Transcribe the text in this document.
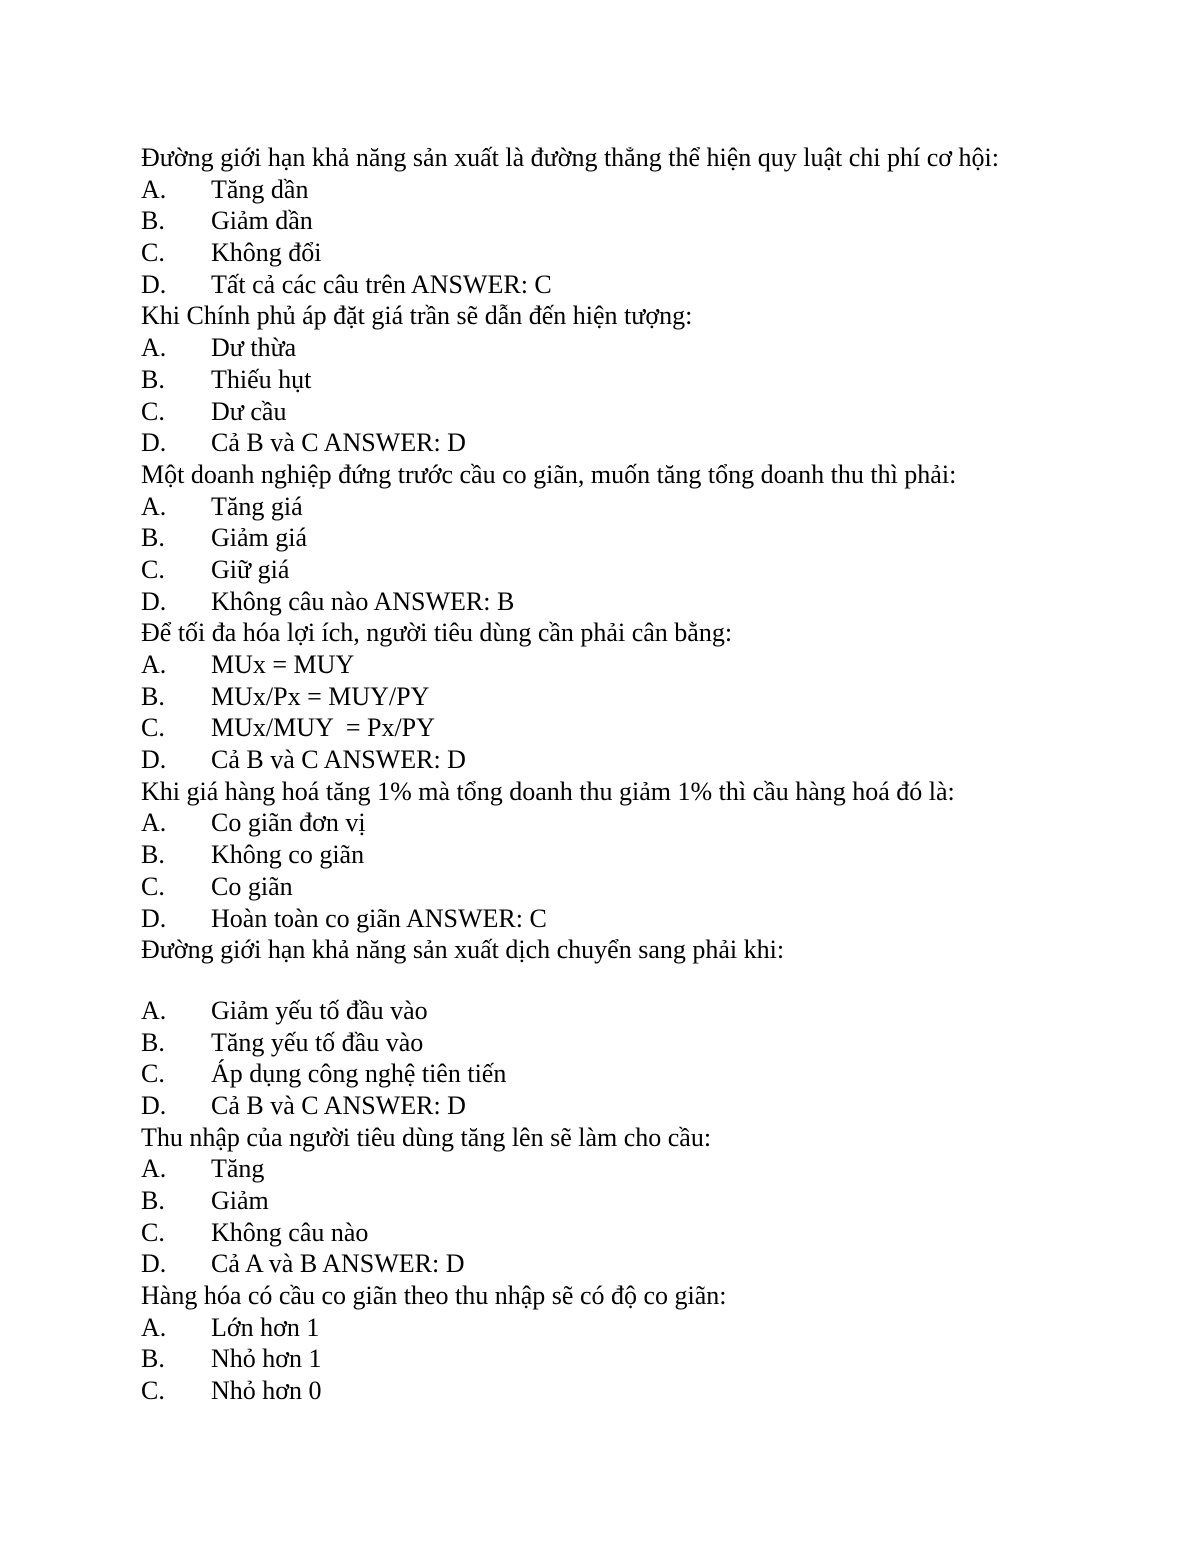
Đường giới hạn khả năng sản xuất là đường thẳng thể hiện quy luật chi phí cơ hội:
A.	Tăng dần
B.	Giảm dần
C.	Không đổi
D.	Tất cả các câu trên ANSWER: C
Khi Chính phủ áp đặt giá trần sẽ dẫn đến hiện tượng:
A.	Dư thừa
B.	Thiếu hụt
C.	Dư cầu
D.	Cả B và C ANSWER: D
Một doanh nghiệp đứng trước cầu co giãn, muốn tăng tổng doanh thu thì phải:
A.	Tăng giá
B.	Giảm giá
C.	Giữ giá
D.	Không câu nào ANSWER: B
Để tối đa hóa lợi ích, người tiêu dùng cần phải cân bằng:
A.	MUx = MUY
B.	MUx/Px = MUY/PY
C.	MUx/MUY  = Px/PY
D.	Cả B và C ANSWER: D
Khi giá hàng hoá tăng 1% mà tổng doanh thu giảm 1% thì cầu hàng hoá đó là:
A.	Co giãn đơn vị
B.	Không co giãn
C.	Co giãn
D.	Hoàn toàn co giãn ANSWER: C
Đường giới hạn khả năng sản xuất dịch chuyển sang phải khi:
A.	Giảm yếu tố đầu vào
B.	Tăng yếu tố đầu vào
C.	Áp dụng công nghệ tiên tiến
D.	Cả B và C ANSWER: D
Thu nhập của người tiêu dùng tăng lên sẽ làm cho cầu:
A.	Tăng
B.	Giảm
C.	Không câu nào
D.	Cả A và B ANSWER: D
Hàng hóa có cầu co giãn theo thu nhập sẽ có độ co giãn:
A.	Lớn hơn 1
B.	Nhỏ hơn 1
C.	Nhỏ hơn 0
